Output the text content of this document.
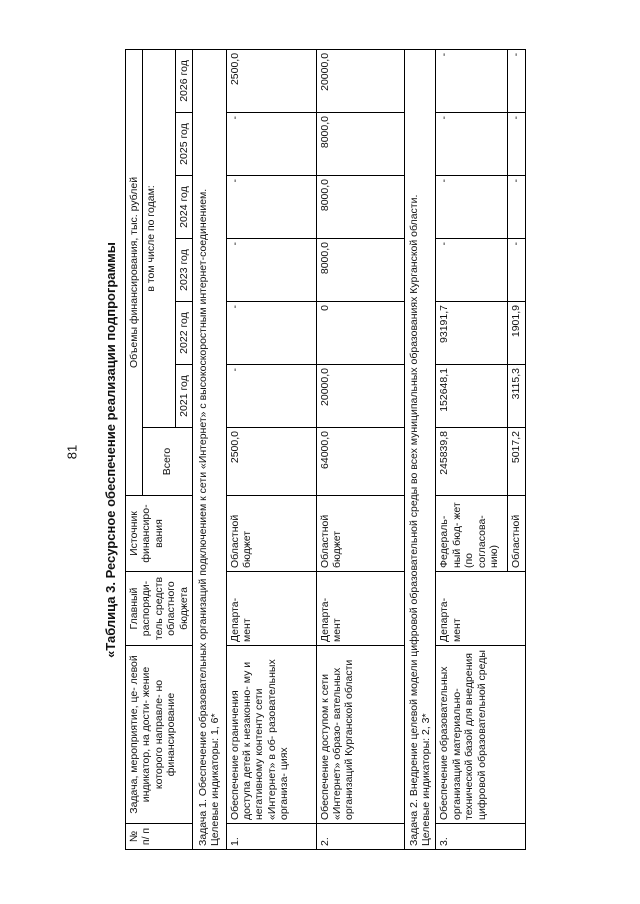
81 «Таблица 3. Ресурсное обеспечение реализации подпрограммы
№ п/ п	Задача, мероприятие, це- левой индикатор, на дости- жение которого направле- но финансирование	Главный распоряди- тель средств областного бюджета	Источник финансиро- вания	Объемы финансирования, тыс. рублей						
				Всего	в том числе по годам:					
					2021 год	2022 год	2023 год	2024 год	2025 год	2026 год

Задача 1. Обеспечение образовательных организаций подключением к сети «Интернет» с высокоскоростным интернет-соединением. Целевые индикаторы: 1, 6*										

1.	Обеспечение ограничения доступа детей к незаконно- му и негативному контенту сети «Интернет» в об- разовательных организа- циях	Департа- мент	Областной бюджет	2500,0	-	-	-	-	-	2500,0
2.	Обеспечение доступом к сети «Интернет» образо- вательных организаций Курганской области	Департа- мент	Областной бюджет	64000,0	20000,0	0	8000,0	8000,0	8000,0	20000,0

Задача 2. Внедрение целевой модели цифровой образовательной среды во всех муниципальных образованиях Курганской области. Целевые индикаторы: 2, 3*										

3.	Обеспечение образовательных организаций материально- технической базой для внедрения цифровой образовательной среды	Департа- мент	Федераль- ный бюд- жет (по согласова- нию)	245839,8	152648,1	93191,7	-	-	-	-
			Областной	5017,2	3115,3	1901,9	-	-	-	-
